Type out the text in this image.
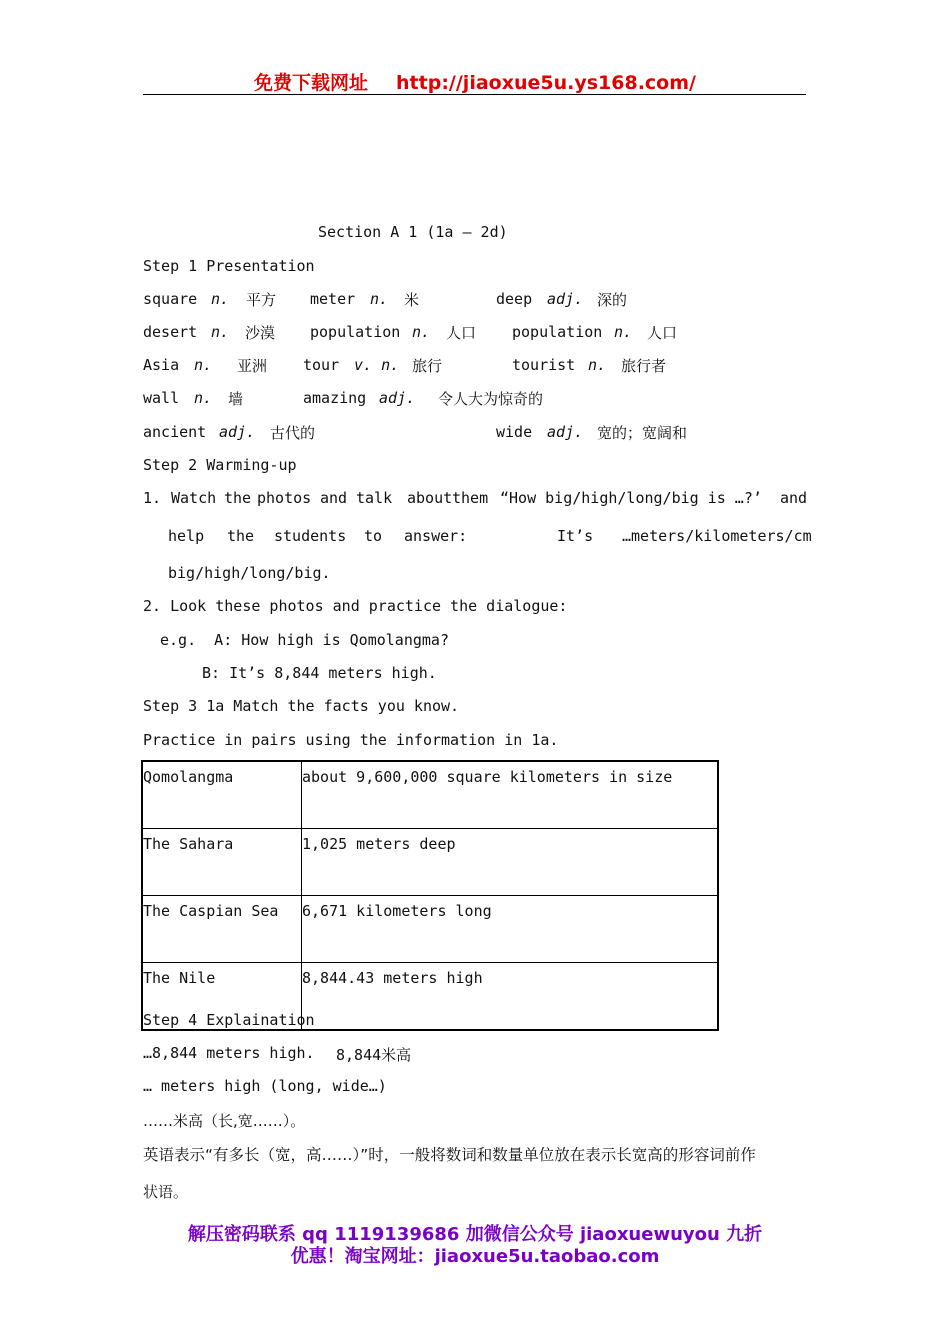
免费下载网址 http://jiaoxue5u.ys168.com/
Section A 1 (1a – 2d)
Step 1 Presentation
square n. 平方 meter n. 米	deep adj. 深的
desert n. 沙漠 population n. 人口 population n. 人口
Asia n. 亚洲 tour v. n. 旅行	tourist n. 旅行者
wall n. 墙	amazing adj. 令人大为惊奇的
ancient adj. 古代的	wide adj. 宽的；宽阔和
Step 2 Warming-up
1. Watch the photos and talk about them “How big/high/long/big is …?’ and
help the students to answer:	It’s …meters/kilometers/cm
big/high/long/big.
2. Look these photos and practice the dialogue:
e.g.  A: How high is Qomolangma?
B: It’s 8,844 meters high.
Step 3 1a Match the facts you know.
Practice in pairs using the information in 1a.
Qomolangma	about 9,600,000 square kilometers in size
The Sahara	1,025 meters deep
The Caspian Sea	6,671 kilometers long
The Nile	8,844.43 meters high
Step 4 Explaination
…8,844 meters high. 8,844米高
… meters high (long, wide…)
……米高（长,宽……）。
英语表示“有多长（宽，高……）”时，一般将数词和数量单位放在表示长宽高的形容词前作
状语。
解压密码联系 qq 1119139686 加微信公众号 jiaoxuewuyou 九折
优惠！淘宝网址：jiaoxue5u.taobao.com
